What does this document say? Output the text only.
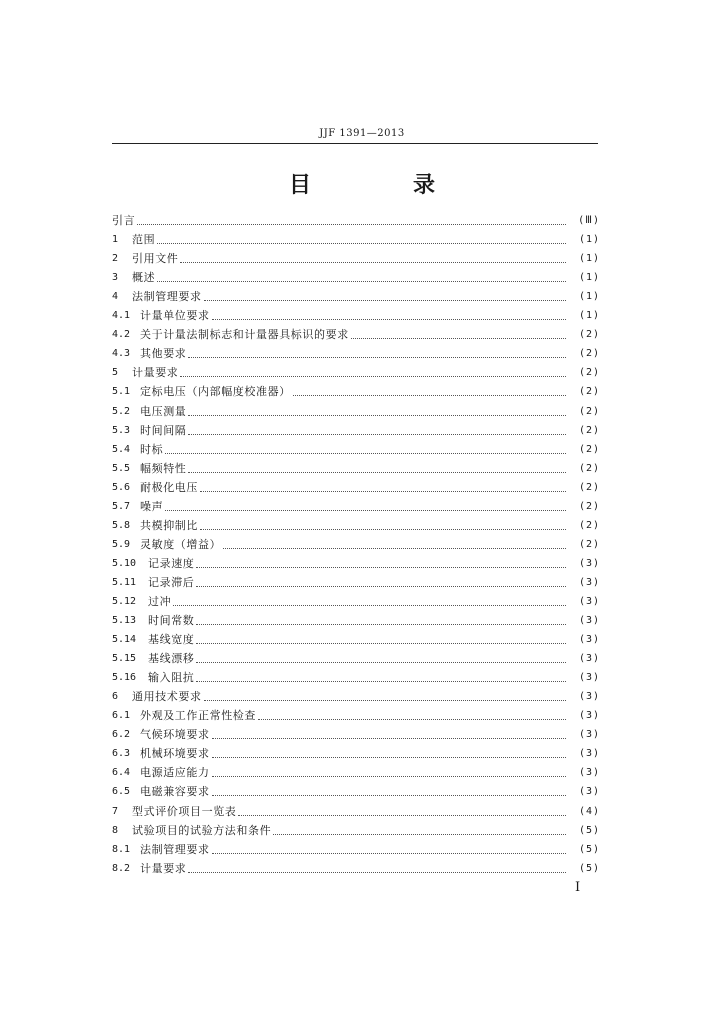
JJF 1391—2013
目　录
引言	(Ⅲ)
1	范围	(1)
2	引用文件	(1)
3	概述	(1)
4	法制管理要求	(1)
4.1 计量单位要求	(1)
4.2 关于计量法制标志和计量器具标识的要求	(2)
4.3 其他要求	(2)
5	计量要求	(2)
5.1 定标电压（内部幅度校准器）	(2)
5.2 电压测量	(2)
5.3 时间间隔	(2)
5.4 时标	(2)
5.5 幅频特性	(2)
5.6 耐极化电压	(2)
5.7 噪声	(2)
5.8 共模抑制比	(2)
5.9 灵敏度（增益）	(2)
5.10	记录速度	(3)
5.11	记录滞后	(3)
5.12	过冲	(3)
5.13	时间常数	(3)
5.14	基线宽度	(3)
5.15	基线漂移	(3)
5.16	输入阻抗	(3)
6	通用技术要求	(3)
6.1 外观及工作正常性检查	(3)
6.2 气候环境要求	(3)
6.3 机械环境要求	(3)
6.4 电源适应能力	(3)
6.5 电磁兼容要求	(3)
7	型式评价项目一览表	(4)
8	试验项目的试验方法和条件	(5)
8.1 法制管理要求	(5)
8.2 计量要求	(5)
Ⅰ
